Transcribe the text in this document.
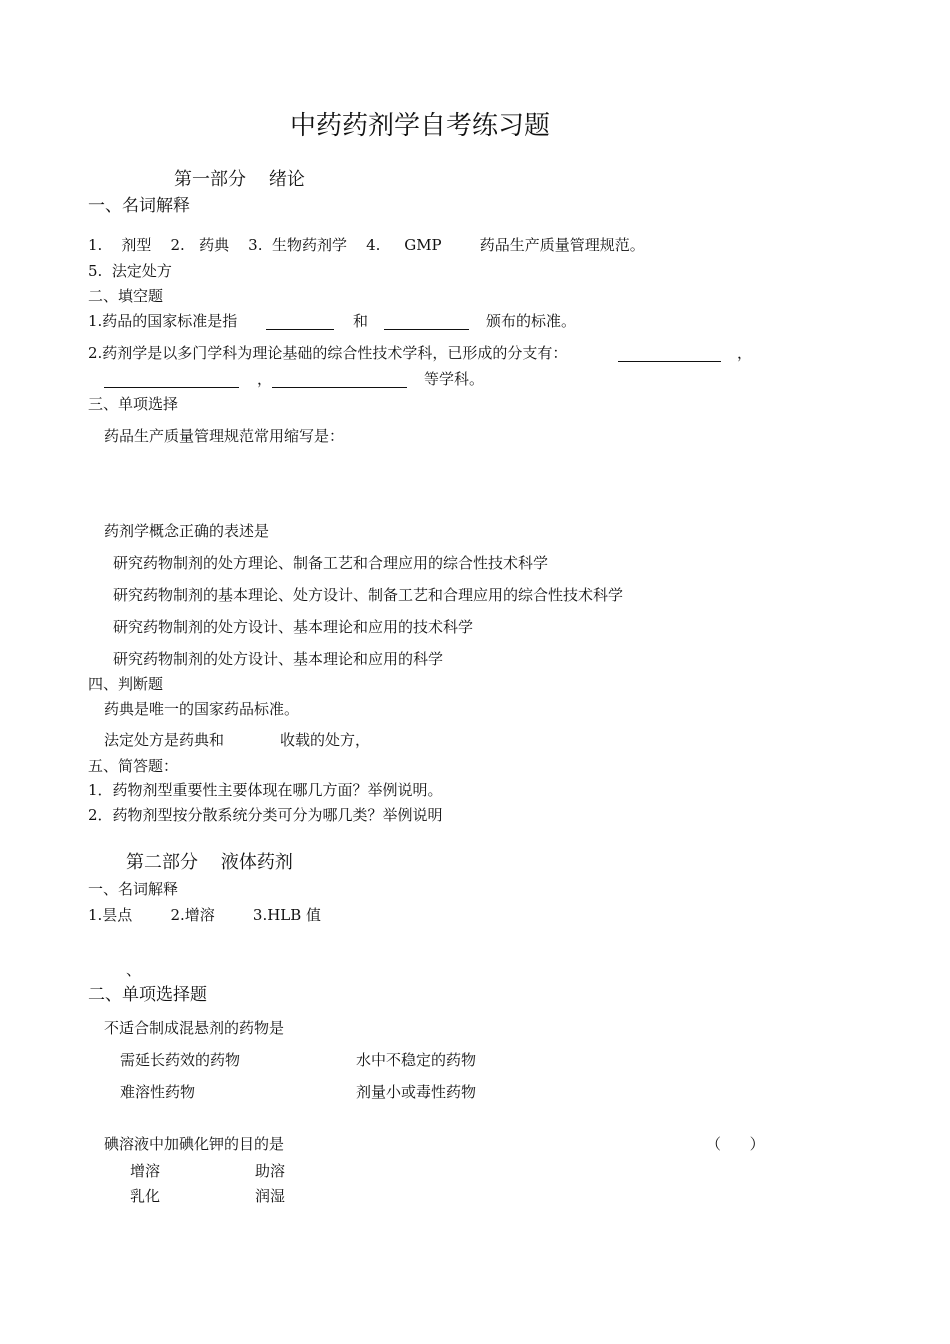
中药药剂学自考练习题
第一部分    绪论
一、名词解释
1.    剂型    2.   药典    3.  生物药剂学    4.     GMP        药品生产质量管理规范。
5.  法定处方
二、填空题
1.药品的国家标准是指	和	颁布的标准。
2.药剂学是以多门学科为理论基础的综合性技术学科，已形成的分支有：	，
，	等学科。
三、单项选择
药品生产质量管理规范常用缩写是：
药剂学概念正确的表述是
研究药物制剂的处方理论、制备工艺和合理应用的综合性技术科学
研究药物制剂的基本理论、处方设计、制备工艺和合理应用的综合性技术科学
研究药物制剂的处方设计、基本理论和应用的技术科学
研究药物制剂的处方设计、基本理论和应用的科学
四、判断题
药典是唯一的国家药品标准。
法定处方是药典和	收载的处方，
五、简答题：
1．药物剂型重要性主要体现在哪几方面？举例说明。
2．药物剂型按分散系统分类可分为哪几类？举例说明
第二部分    液体药剂
一、名词解释
1.昙点        2.增溶        3.HLB 值
、
二、单项选择题
不适合制成混悬剂的药物是
需延长药效的药物	水中不稳定的药物
难溶性药物	剂量小或毒性药物
碘溶液中加碘化钾的目的是	（      ）
增溶	助溶
乳化	润湿
